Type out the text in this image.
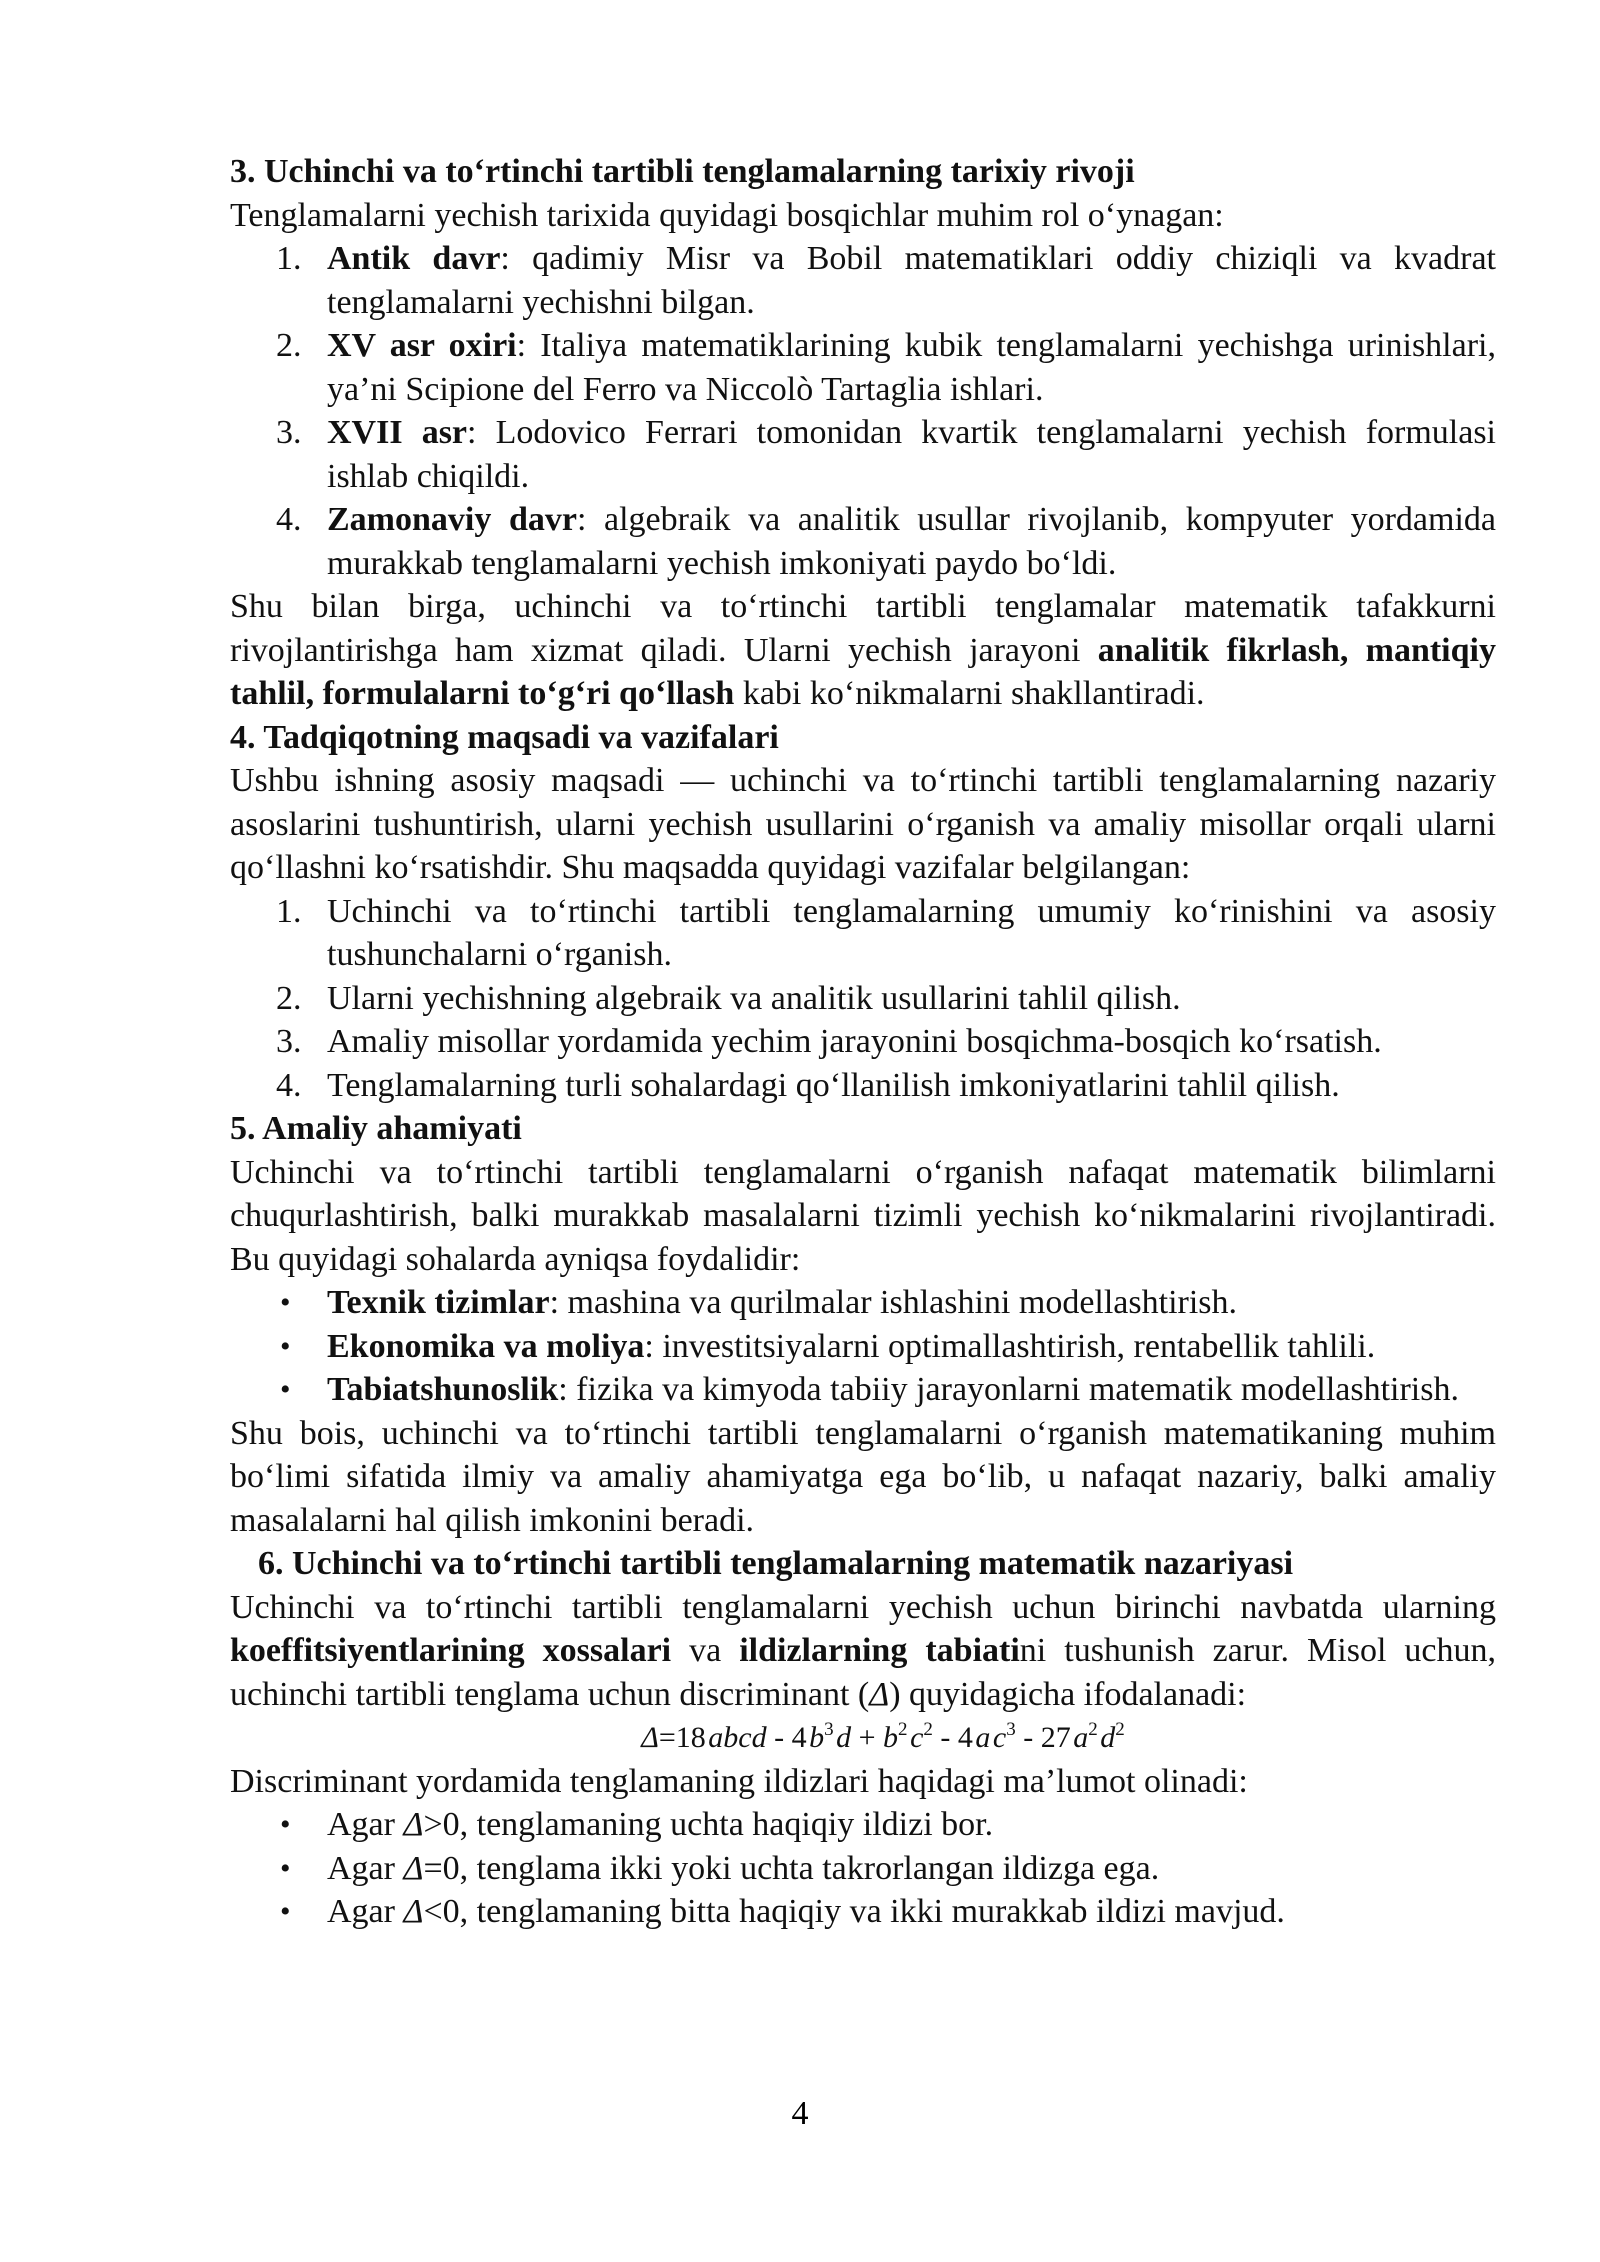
3. Uchinchi va to‘rtinchi tartibli tenglamalarning tarixiy rivoji

Tenglamalarni yechish tarixida quyidagi bosqichlar muhim rol o‘ynagan:

1. Antik davr: qadimiy Misr va Bobil matematiklari oddiy chiziqli va kvadrat tenglamalarni yechishni bilgan.
2. XV asr oxiri: Italiya matematiklarining kubik tenglamalarni yechishga urinishlari, ya’ni Scipione del Ferro va Niccolò Tartaglia ishlari.
3. XVII asr: Lodovico Ferrari tomonidan kvartik tenglamalarni yechish formulasi ishlab chiqildi.
4. Zamonaviy davr: algebraik va analitik usullar rivojlanib, kompyuter yordamida murakkab tenglamalarni yechish imkoniyati paydo bo‘ldi.

Shu bilan birga, uchinchi va to‘rtinchi tartibli tenglamalar matematik tafakkurni rivojlantirishga ham xizmat qiladi. Ularni yechish jarayoni analitik fikrlash, mantiqiy tahlil, formulalarni to‘g‘ri qo‘llash kabi ko‘nikmalarni shakllantiradi.

4. Tadqiqotning maqsadi va vazifalari

Ushbu ishning asosiy maqsadi — uchinchi va to‘rtinchi tartibli tenglamalarning nazariy asoslarini tushuntirish, ularni yechish usullarini o‘rganish va amaliy misollar orqali ularni qo‘llashni ko‘rsatishdir. Shu maqsadda quyidagi vazifalar belgilangan:

1. Uchinchi va to‘rtinchi tartibli tenglamalarning umumiy ko‘rinishini va asosiy tushunchalarni o‘rganish.
2. Ularni yechishning algebraik va analitik usullarini tahlil qilish.
3. Amaliy misollar yordamida yechim jarayonini bosqichma-bosqich ko‘rsatish.
4. Tenglamalarning turli sohalardagi qo‘llanilish imkoniyatlarini tahlil qilish.

5. Amaliy ahamiyati

Uchinchi va to‘rtinchi tartibli tenglamalarni o‘rganish nafaqat matematik bilimlarni chuqurlashtirish, balki murakkab masalalarni tizimli yechish ko‘nikmalarini rivojlantiradi. Bu quyidagi sohalarda ayniqsa foydalidir:

• Texnik tizimlar: mashina va qurilmalar ishlashini modellashtirish.
• Ekonomika va moliya: investitsiyalarni optimallashtirish, rentabellik tahlili.
• Tabiatshunoslik: fizika va kimyoda tabiiy jarayonlarni matematik modellashtirish.

Shu bois, uchinchi va to‘rtinchi tartibli tenglamalarni o‘rganish matematikaning muhim bo‘limi sifatida ilmiy va amaliy ahamiyatga ega bo‘lib, u nafaqat nazariy, balki amaliy masalalarni hal qilish imkonini beradi.

6. Uchinchi va to‘rtinchi tartibli tenglamalarning matematik nazariyasi

Uchinchi va to‘rtinchi tartibli tenglamalarni yechish uchun birinchi navbatda ularning koeffitsiyentlarining xossalari va ildizlarning tabiatini tushunish zarur. Misol uchun, uchinchi tartibli tenglama uchun discriminant (Δ) quyidagicha ifodalanadi:

Δ=18 abcd - 4 $b^3$ $d + b^2$ $c^2 - 4$ a $c^3 - 27$ $a^2$ $d^2$

Discriminant yordamida tenglamaning ildizlari haqidagi ma’lumot olinadi:

• Agar Δ>0, tenglamaning uchta haqiqiy ildizi bor.
• Agar Δ=0, tenglama ikki yoki uchta takrorlangan ildizga ega.
• Agar Δ<0, tenglamaning bitta haqiqiy va ikki murakkab ildizi mavjud.
4
